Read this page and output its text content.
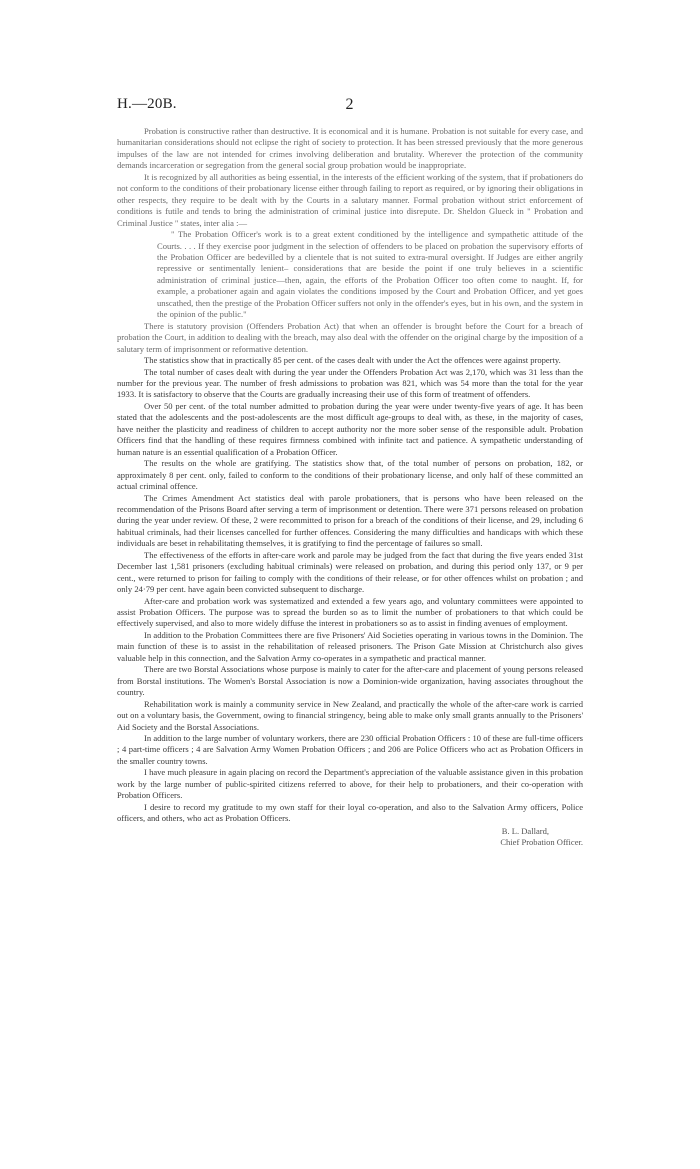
H.—20B.	2

Probation is constructive rather than destructive. It is economical and it is humane. Probation is not suitable for every case, and humanitarian considerations should not eclipse the right of society to protection. It has been stressed previously that the more generous impulses of the law are not intended for crimes involving deliberation and brutality. Wherever the protection of the community demands incarceration or segregation from the general social group probation would be inappropriate.

It is recognized by all authorities as being essential, in the interests of the efficient working of the system, that if probationers do not conform to the conditions of their probationary license either through failing to report as required, or by ignoring their obligations in other respects, they require to be dealt with by the Courts in a salutary manner. Formal probation without strict enforcement of conditions is futile and tends to bring the administration of criminal justice into disrepute. Dr. Sheldon Glueck in " Probation and Criminal Justice " states, inter alia :—

" The Probation Officer's work is to a great extent conditioned by the intelligence and sympathetic attitude of the Courts. . . . If they exercise poor judgment in the selection of offenders to be placed on probation the supervisory efforts of the Probation Officer are bedevilled by a clientele that is not suited to extra-mural oversight. If Judges are either angrily repressive or sentimentally lenient– considerations that are beside the point if one truly believes in a scientific administration of criminal justice—then, again, the efforts of the Probation Officer too often come to naught. If, for example, a probationer again and again violates the conditions imposed by the Court and Probation Officer, and yet goes unscathed, then the prestige of the Probation Officer suffers not only in the offender's eyes, but in his own, and the system in the opinion of the public."

There is statutory provision (Offenders Probation Act) that when an offender is brought before the Court for a breach of probation the Court, in addition to dealing with the breach, may also deal with the offender on the original charge by the imposition of a salutary term of imprisonment or reformative detention.

The statistics show that in practically 85 per cent. of the cases dealt with under the Act the offences were against property.

The total number of cases dealt with during the year under the Offenders Probation Act was 2,170, which was 31 less than the number for the previous year. The number of fresh admissions to probation was 821, which was 54 more than the total for the year 1933. It is satisfactory to observe that the Courts are gradually increasing their use of this form of treatment of offenders.

Over 50 per cent. of the total number admitted to probation during the year were under twenty-five years of age. It has been stated that the adolescents and the post-adolescents are the most difficult age-groups to deal with, as these, in the majority of cases, have neither the plasticity and readiness of children to accept authority nor the more sober sense of the responsible adult. Probation Officers find that the handling of these requires firmness combined with infinite tact and patience. A sympathetic understanding of human nature is an essential qualification of a Probation Officer.

The results on the whole are gratifying. The statistics show that, of the total number of persons on probation, 182, or approximately 8 per cent. only, failed to conform to the conditions of their probationary license, and only half of these committed an actual criminal offence.

The Crimes Amendment Act statistics deal with parole probationers, that is persons who have been released on the recommendation of the Prisons Board after serving a term of imprisonment or detention. There were 371 persons released on probation during the year under review. Of these, 2 were recommitted to prison for a breach of the conditions of their license, and 29, including 6 habitual criminals, had their licenses cancelled for further offences. Considering the many difficulties and handicaps with which these individuals are beset in rehabilitating themselves, it is gratifying to find the percentage of failures so small.

The effectiveness of the efforts in after-care work and parole may be judged from the fact that during the five years ended 31st December last 1,581 prisoners (excluding habitual criminals) were released on probation, and during this period only 137, or 9 per cent., were returned to prison for failing to comply with the conditions of their release, or for other offences whilst on probation ; and only 24·79 per cent. have again been convicted subsequent to discharge.

After-care and probation work was systematized and extended a few years ago, and voluntary committees were appointed to assist Probation Officers. The purpose was to spread the burden so as to limit the number of probationers to that which could be effectively supervised, and also to more widely diffuse the interest in probationers so as to assist in finding avenues of employment.

In addition to the Probation Committees there are five Prisoners' Aid Societies operating in various towns in the Dominion. The main function of these is to assist in the rehabilitation of released prisoners. The Prison Gate Mission at Christchurch also gives valuable help in this connection, and the Salvation Army co-operates in a sympathetic and practical manner.

There are two Borstal Associations whose purpose is mainly to cater for the after-care and placement of young persons released from Borstal institutions. The Women's Borstal Association is now a Dominion-wide organization, having associates throughout the country.

Rehabilitation work is mainly a community service in New Zealand, and practically the whole of the after-care work is carried out on a voluntary basis, the Government, owing to financial stringency, being able to make only small grants annually to the Prisoners' Aid Society and the Borstal Associations.

In addition to the large number of voluntary workers, there are 230 official Probation Officers : 10 of these are full-time officers ; 4 part-time officers ; 4 are Salvation Army Women Probation Officers ; and 206 are Police Officers who act as Probation Officers in the smaller country towns.

I have much pleasure in again placing on record the Department's appreciation of the valuable assistance given in this probation work by the large number of public-spirited citizens referred to above, for their help to probationers, and their co-operation with Probation Officers.

I desire to record my gratitude to my own staff for their loyal co-operation, and also to the Salvation Army officers, Police officers, and others, who act as Probation Officers.

B. L. Dallard,
Chief Probation Officer.
